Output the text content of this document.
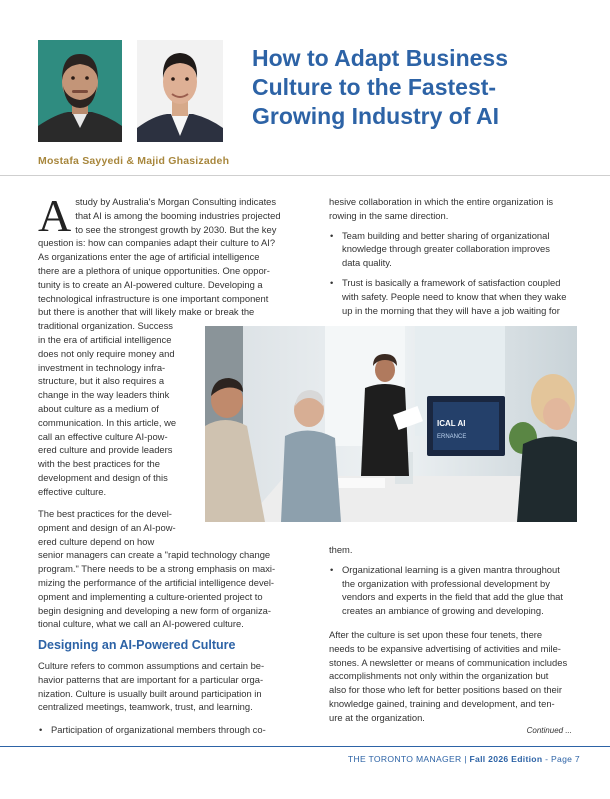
How to Adapt Business
Culture to the Fastest-
Growing Industry of AI
Mostafa Sayyedi & Majid Ghasizadeh
A study by Australia's Morgan Consulting indicates
that AI is among the booming industries projected
to see the strongest growth by 2030. But the key
question is: how can companies adapt their culture to AI?
As organizations enter the age of artificial intelligence
there are a plethora of unique opportunities. One oppor-
tunity is to create an AI-powered culture. Developing a
technological infrastructure is one important component
but there is another that will likely make or break the
traditional organization. Success
in the era of artificial intelligence
does not only require money and
investment in technology infra-
structure, but it also requires a
change in the way leaders think
about culture as a medium of
communication. In this article, we
call an effective culture AI-pow-
ered culture and provide leaders
with the best practices for the
development and design of this
effective culture.
The best practices for the devel-
opment and design of an AI-pow-
ered culture depend on how
senior managers can create a "rapid technology change
program." There needs to be a strong emphasis on maxi-
mizing the performance of the artificial intelligence devel-
opment and implementing a culture-oriented project to
begin designing and developing a new form of organiza-
tional culture, what we call an AI-powered culture.
Designing an AI-Powered Culture
Culture refers to common assumptions and certain be-
havior patterns that are important for a particular orga-
nization. Culture is usually built around participation in
centralized meetings, teamwork, trust, and learning.
• Participation of organizational members through co-
hesive collaboration in which the entire organization is
rowing in the same direction.
• Team building and better sharing of organizational
knowledge through greater collaboration improves
data quality.
• Trust is basically a framework of satisfaction coupled
with safety. People need to know that when they wake
up in the morning that they will have a job waiting for
ICAL AI
ERNANCE
them.
• Organizational learning is a given mantra throughout
the organization with professional development by
vendors and experts in the field that add the glue that
creates an ambiance of growing and developing.
After the culture is set upon these four tenets, there
needs to be expansive advertising of activities and mile-
stones. A newsletter or means of communication includes
accomplishments not only within the organization but
also for those who left for better positions based on their
knowledge gained, training and development, and ten-
ure at the organization.
Continued ...
THE TORONTO MANAGER | Fall 2026 Edition - Page 7
